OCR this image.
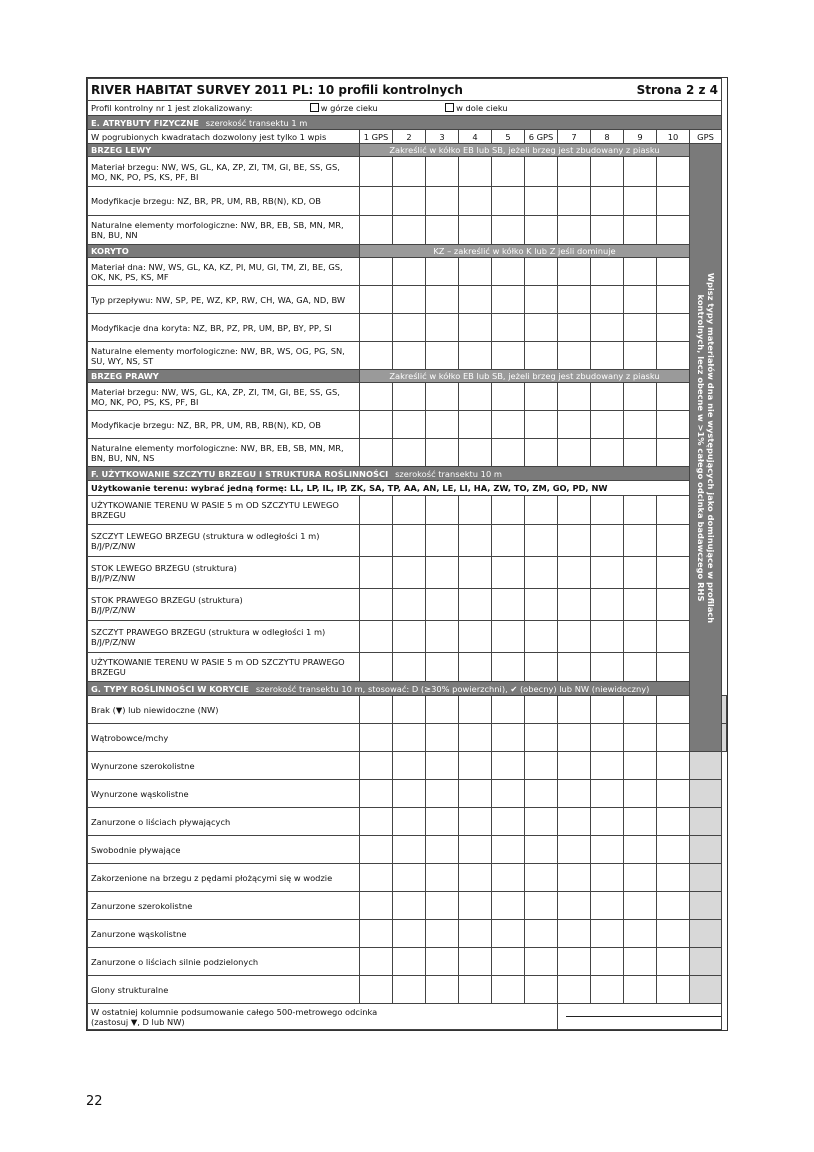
RIVER HABITAT SURVEY 2011 PL: 10 profili kontrolnych Strona 2 z 4												

Profil kontrolny nr 1 jest zlokalizowany: w górze cieku w dole cieku												
E. ATRYBUTY FIZYCZNE szerokość transektu 1 m												
W pogrubionych kwadratach dozwolony jest tylko 1 wpis	1 GPS	2	3	4	5	6 GPS	7	8	9	10	GPS	
BRZEG LEWY	Zakreślić w kółko EB lub SB, jeżeli brzeg jest zbudowany z piasku										Wpisz typy materiałów dna nie występujących jako dominujące w profilach kontrolnych, lecz obecne w >1% całego odcinka badawczego RHS	

Materiał brzegu: NW, WS, GL, KA, ZP, ZI, TM, GI, BE, SS, GS, MO, NK, PO, PS, KS, PF, BI												
Modyfikacje brzegu: NZ, BR, PR, UM, RB, RB(N), KD, OB												
Naturalne elementy morfologiczne: NW, BR, EB, SB, MN, MR, BN, BU, NN												
KORYTO	KZ – zakreślić w kółko K lub Z jeśli dominuje											
Materiał dna: NW, WS, GL, KA, KZ, PI, MU, GI, TM, ZI, BE, GS, OK, NK, PS, KS, MF												
Typ przepływu: NW, SP, PE, WZ, KP, RW, CH, WA, GA, ND, BW												
Modyfikacje dna koryta: NZ, BR, PZ, PR, UM, BP, BY, PP, SI												
Naturalne elementy morfologiczne: NW, BR, WS, OG, PG, SN, SU, WY, NS, ST												
BRZEG PRAWY	Zakreślić w kółko EB lub SB, jeżeli brzeg jest zbudowany z piasku											
Materiał brzegu: NW, WS, GL, KA, ZP, ZI, TM, GI, BE, SS, GS, MO, NK, PO, PS, KS, PF, BI												
Modyfikacje brzegu: NZ, BR, PR, UM, RB, RB(N), KD, OB												
Naturalne elementy morfologiczne: NW, BR, EB, SB, MN, MR, BN, BU, NN, NS												
F. UŻYTKOWANIE SZCZYTU BRZEGU I STRUKTURA ROŚLINNOŚCI szerokość transektu 10 m												
Użytkowanie terenu: wybrać jedną formę: LL, LP, IL, IP, ZK, SA, TP, AA, AN, LE, LI, HA, ZW, TO, ZM, GO, PD, NW												
UŻYTKOWANIE TERENU W PASIE 5 m OD SZCZYTU LEWEGO BRZEGU												
SZCZYT LEWEGO BRZEGU (struktura w odległości 1 m)
B/J/P/Z/NW												
STOK LEWEGO BRZEGU (struktura)
B/J/P/Z/NW												
STOK PRAWEGO BRZEGU (struktura)
B/J/P/Z/NW												
SZCZYT PRAWEGO BRZEGU (struktura w odległości 1 m)
B/J/P/Z/NW												
UŻYTKOWANIE TERENU W PASIE 5 m OD SZCZYTU PRAWEGO BRZEGU												
G. TYPY ROŚLINNOŚCI W KORYCIE szerokość transektu 10 m, stosować: D (≥30% powierzchni), ✔ (obecny) lub NW (niewidoczny)												
Brak (▼) lub niewidoczne (NW)												
Wątrobowce/mchy												
Wynurzone szerokolistne												
Wynurzone wąskolistne												
Zanurzone o liściach pływających												
Swobodnie pływające												
Zakorzenione na brzegu z pędami płożącymi się w wodzie												
Zanurzone szerokolistne												
Zanurzone wąskolistne												
Zanurzone o liściach silnie podzielonych												
Glony strukturalne												
W ostatniej kolumnie podsumowanie całego 500-metrowego odcinka
(zastosuj ▼, D lub NW)												
22
